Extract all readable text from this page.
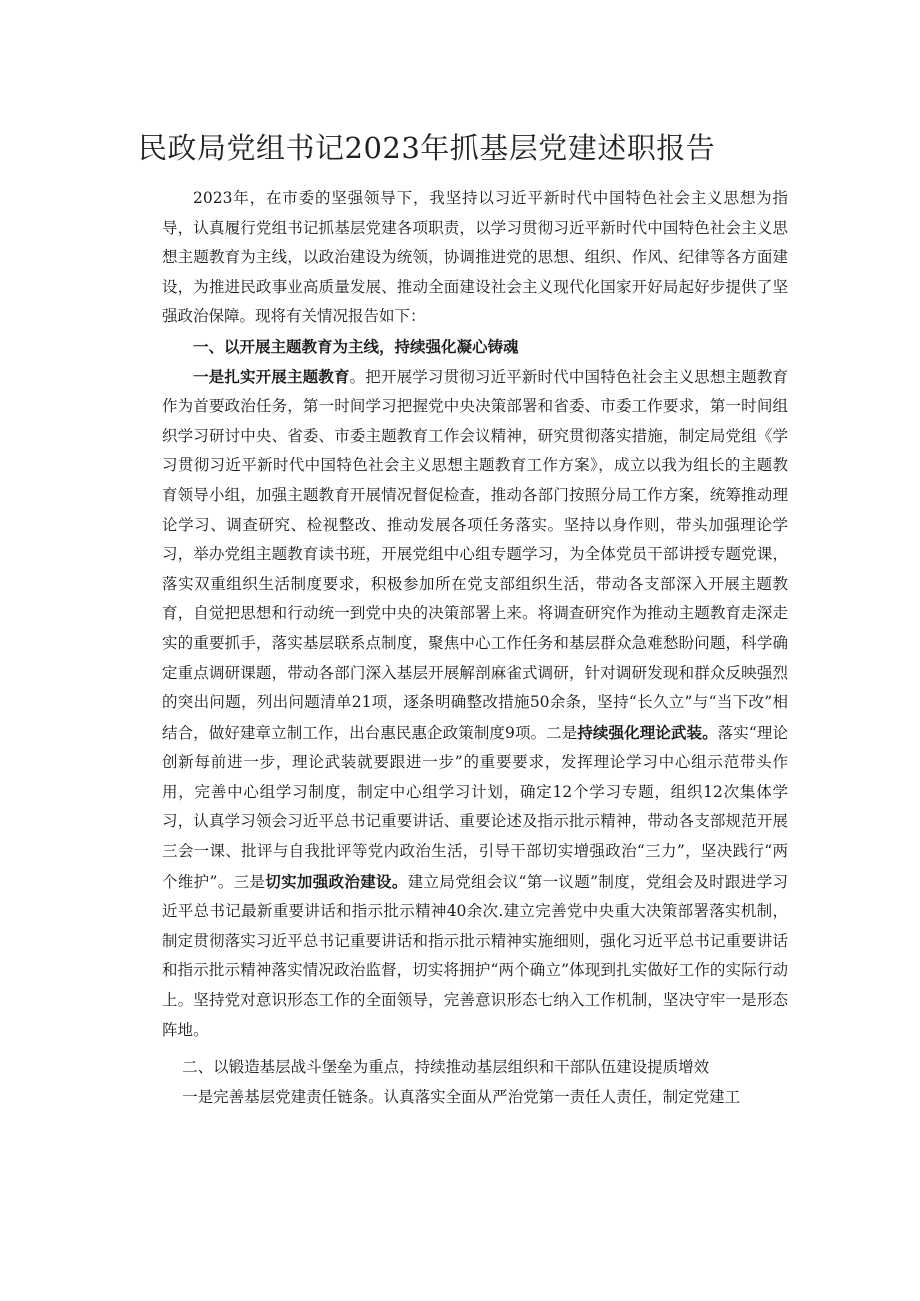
民政局党组书记2023年抓基层党建述职报告

2023年，在市委的坚强领导下，我坚持以习近平新时代中国特色社会主义思想为指导，认真履行党组书记抓基层党建各项职责，以学习贯彻习近平新时代中国特色社会主义思想主题教育为主线，以政治建设为统领，协调推进党的思想、组织、作风、纪律等各方面建设，为推进民政事业高质量发展、推动全面建设社会主义现代化国家开好局起好步提供了坚强政治保障。现将有关情况报告如下：

一、以开展主题教育为主线，持续强化凝心铸魂

一是扎实开展主题教育。把开展学习贯彻习近平新时代中国特色社会主义思想主题教育作为首要政治任务，第一时间学习把握党中央决策部署和省委、市委工作要求，第一时间组织学习研讨中央、省委、市委主题教育工作会议精神，研究贯彻落实措施，制定局党组《学习贯彻习近平新时代中国特色社会主义思想主题教育工作方案》，成立以我为组长的主题教育领导小组，加强主题教育开展情况督促检查，推动各部门按照分局工作方案，统筹推动理论学习、调查研究、检视整改、推动发展各项任务落实。坚持以身作则，带头加强理论学习，举办党组主题教育读书班，开展党组中心组专题学习，为全体党员干部讲授专题党课，落实双重组织生活制度要求，积极参加所在党支部组织生活，带动各支部深入开展主题教育，自觉把思想和行动统一到党中央的决策部署上来。将调查研究作为推动主题教育走深走实的重要抓手，落实基层联系点制度，聚焦中心工作任务和基层群众急难愁盼问题，科学确定重点调研课题，带动各部门深入基层开展解剖麻雀式调研，针对调研发现和群众反映强烈的突出问题，列出问题清单21项，逐条明确整改措施50余条，坚持“长久立”与“当下改”相结合，做好建章立制工作，出台惠民惠企政策制度9项。二是持续强化理论武装。落实“理论创新每前进一步，理论武装就要跟进一步”的重要要求，发挥理论学习中心组示范带头作用，完善中心组学习制度，制定中心组学习计划，确定12个学习专题，组织12次集体学习，认真学习领会习近平总书记重要讲话、重要论述及指示批示精神，带动各支部规范开展三会一课、批评与自我批评等党内政治生活，引导干部切实增强政治“三力”，坚决践行“两个维护”。三是切实加强政治建设。建立局党组会议“第一议题”制度，党组会及时跟进学习近平总书记最新重要讲话和指示批示精神40余次.建立完善党中央重大决策部署落实机制，制定贯彻落实习近平总书记重要讲话和指示批示精神实施细则，强化习近平总书记重要讲话和指示批示精神落实情况政治监督，切实将拥护“两个确立”体现到扎实做好工作的实际行动上。坚持党对意识形态工作的全面领导，完善意识形态七纳入工作机制，坚决守牢一是形态阵地。

二、以锻造基层战斗堡垒为重点，持续推动基层组织和干部队伍建设提质增效

一是完善基层党建责任链条。认真落实全面从严治党第一责任人责任，制定党建工
